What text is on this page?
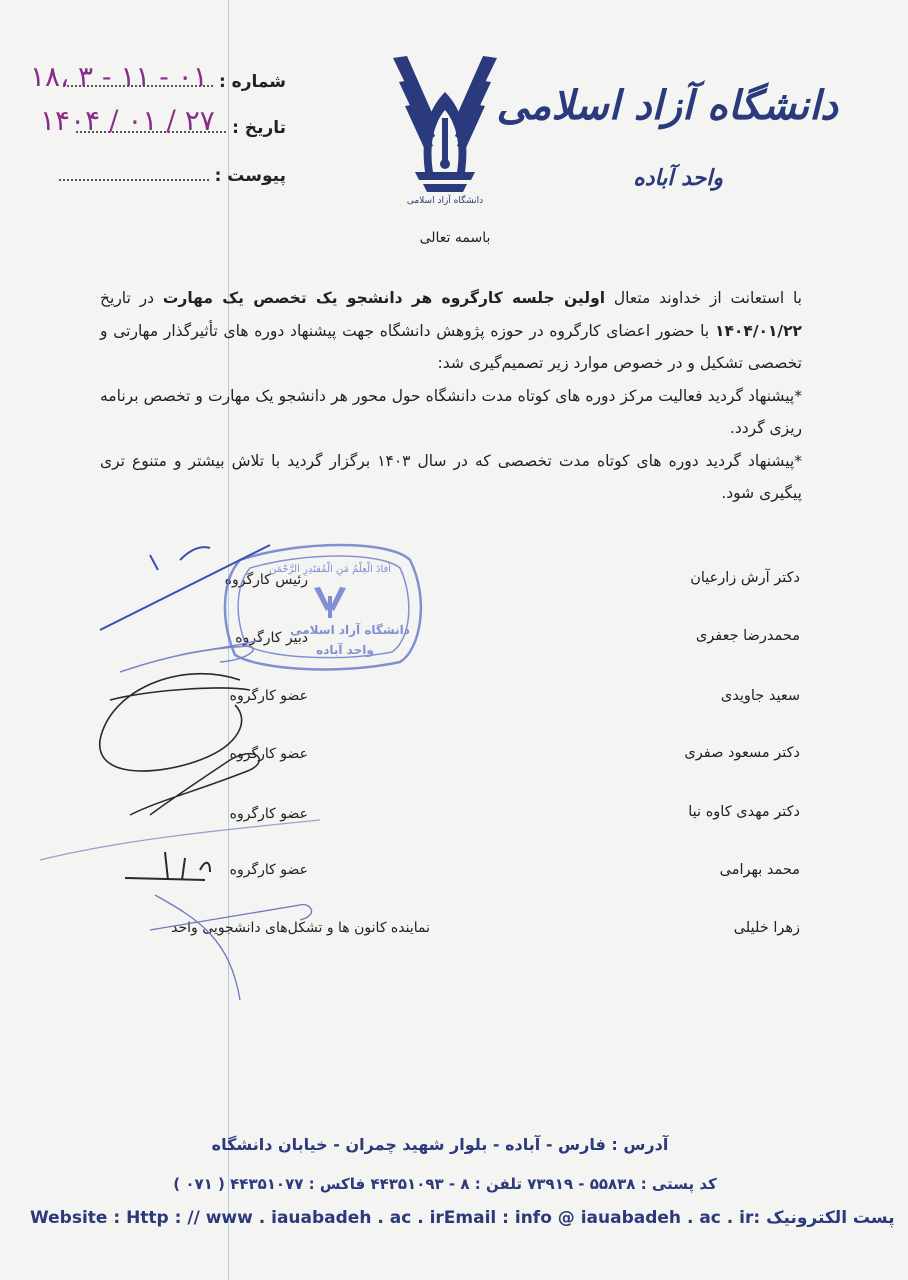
شماره :
۱۸، ۳ - ۱۱ - ۰۱
تاریخ :
۱۴۰۴ / ۰۱ / ۲۷
پیوست :
دانشگاه آزاد اسلامی
دانشگاه آزاد اسلامی
واحد آباده
باسمه تعالی

با استعانت از خداوند متعال اولین جلسه کارگروه هر دانشجو یک تخصص یک مهارت در تاریخ ۱۴۰۴/۰۱/۲۲ با حضور اعضای کارگروه در حوزه پژوهش دانشگاه جهت پیشنهاد دوره های تأثیرگذار مهارتی و تخصصی تشکیل و در خصوص موارد زیر تصمیم‌گیری شد:

*پیشنهاد گردید فعالیت مرکز دوره های کوتاه مدت دانشگاه حول محور هر دانشجو یک مهارت و تخصص برنامه ریزی گردد.

*پیشنهاد گردید دوره های کوتاه مدت تخصصی که در سال ۱۴۰۳ برگزار گردید با تلاش بیشتر و متنوع تری پیگیری شود.

دکتر آرش زارعیان
محمدرضا جعفری
سعید جاویدی
دکتر مسعود صفری
دکتر مهدی کاوه نیا
محمد بهرامی
زهرا خلیلی
رئیس کارگروه
دبیر کارگروه
عضو کارگروه
عضو کارگروه
عضو کارگروه
عضو کارگروه
نماینده کانون ها و تشکل‌های دانشجویی واحد
اَفادَ الْعِلْمُ مَنِ الْمُقتَدِرِ الرَّحْمَن
دانشگاه آزاد اسلامی
واحد آباده
آدرس : فارس - آباده - بلوار شهید چمران - خیابان دانشگاه
کد پستی : ۵۵۸۳۸ - ۷۳۹۱۹ تلفن : ۸ - ۴۴۳۵۱۰۹۳ فاکس : ۴۴۳۵۱۰۷۷ ( ۰۷۱ )
Website : Http : // www . iauabadeh . ac . ir Email : info @ iauabadeh . ac . ir پست الکترونیک :
